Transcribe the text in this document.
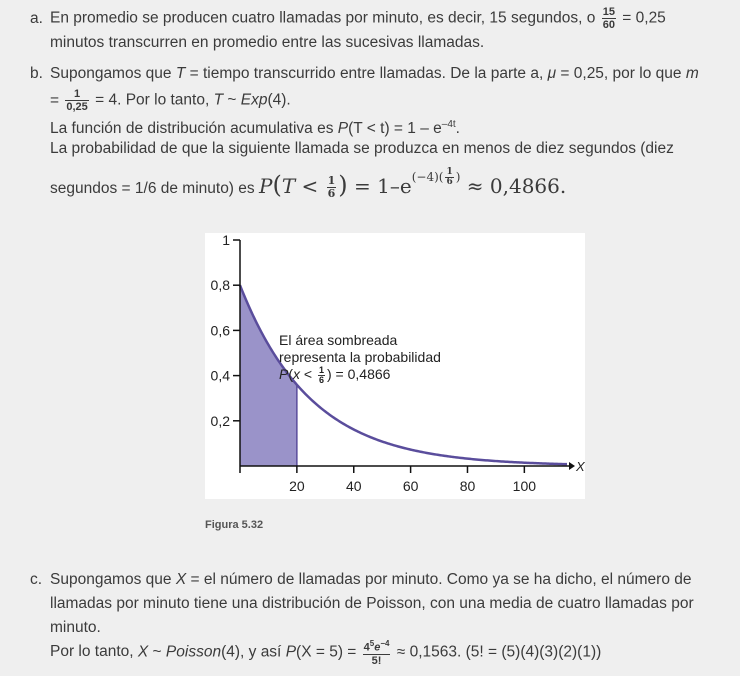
a. En promedio se producen cuatro llamadas por minuto, es decir, 15 segundos, o $\frac{15}{60} = 0,25$
minutos transcurren en promedio entre las sucesivas llamadas.

b. Supongamos que T = tiempo transcurrido entre llamadas. De la parte a, μ = 0,25, por lo que m

= $\frac{1}{0,25} = 4$. Por lo tanto, T ~ Exp(4).

La función de distribución acumulativa es $P(T < t) = 1 - e^{-4t}$.

La probabilidad de que la siguiente llamada se produzca en menos de diez segundos (diez

segundos = 1/6 de minuto) es $P(T < \frac{1}{6}$ ) = $1-e^{(-4)( \frac{1}{6} )} \approx 0,4866$.

X
0,2
0,4
0,6
0,8
1
20	40	60	80	100
El área sombreada
representa la probabilidad
$P(x < \frac{1}{6}$ ) = 0,4866
Figura 5.32

c. Supongamos que X = el número de llamadas por minuto. Como ya se ha dicho, el número de
llamadas por minuto tiene una distribución de Poisson, con una media de cuatro llamadas por
minuto.

Por lo tanto, X ~ Poisson(4), y así $P(X = 5) = \frac{4^5e^{-4}}{5!} \approx 0,1563$. (5! = (5)(4)(3)(2)(1))
